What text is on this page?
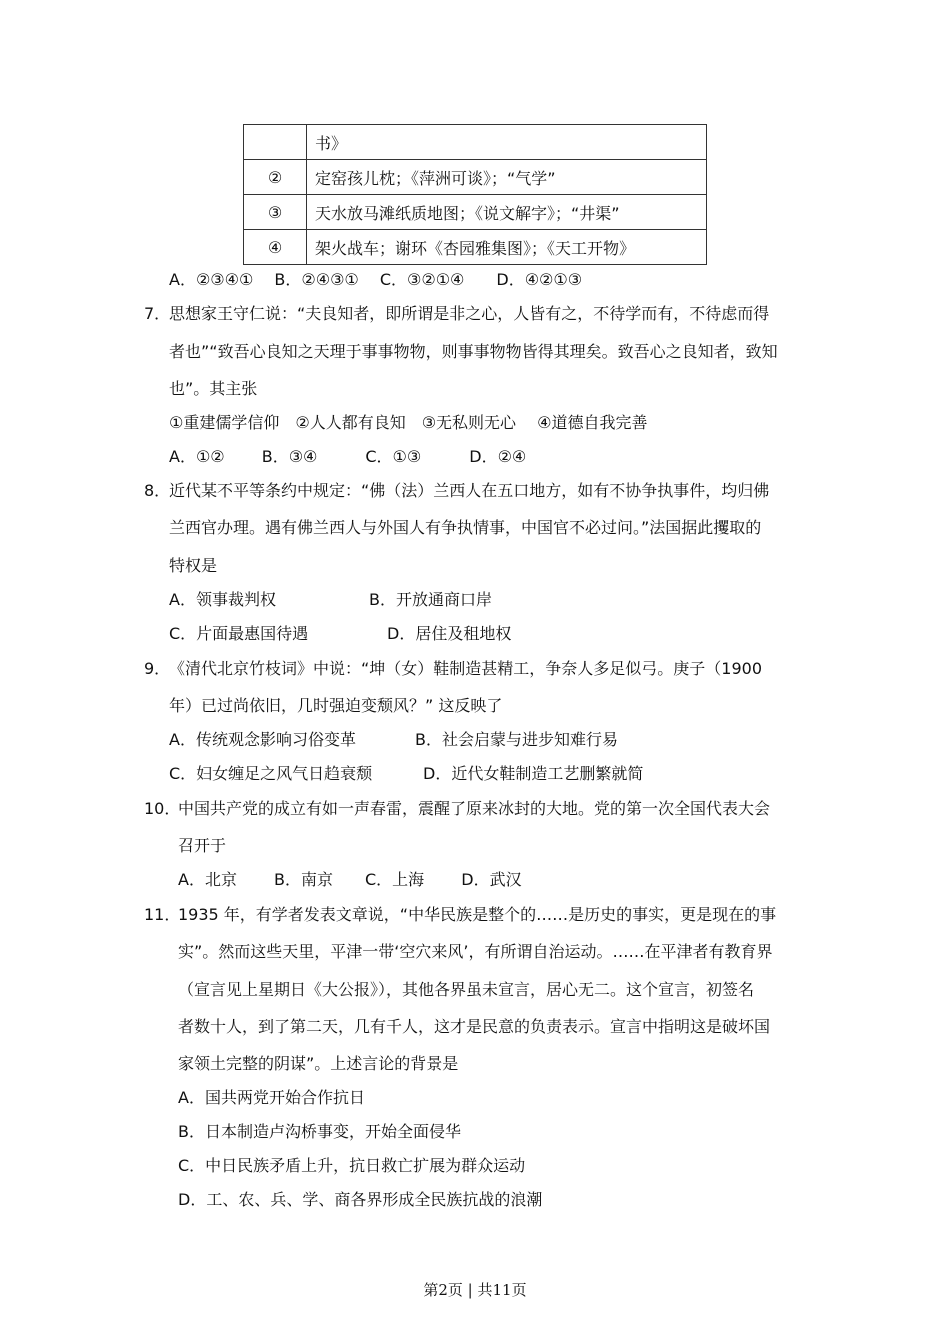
	书》
②	定窑孩儿枕；《萍洲可谈》；“气学”
③	天水放马滩纸质地图；《说文解字》；“井渠”
④	架火战车；谢环《杏园雅集图》；《天工开物》
A．②③④①　 B．②④③①　 C．③②①④　　D．④②①③
7．
思想家王守仁说：“夫良知者，即所谓是非之心，人皆有之，不待学而有，不待虑而得
者也”“致吾心良知之天理于事事物物，则事事物物皆得其理矣。致吾心之良知者，致知
也”。其主张
①重建儒学信仰　②人人都有良知　③无私则无心　 ④道德自我完善
A．①②　　 B．③④　　　C．①③　　　D．②④
8．
近代某不平等条约中规定：“佛（法）兰西人在五口地方，如有不协争执事件，均归佛
兰西官办理。遇有佛兰西人与外国人有争执情事，中国官不必过问。”法国据此攫取的
特权是
A．领事裁判权	B．开放通商口岸
C．片面最惠国待遇	D．居住及租地权
9．
《清代北京竹枝词》中说：“坤（女）鞋制造甚精工，争奈人多足似弓。庚子（1900
年）已过尚依旧，几时强迫变颓风？” 这反映了
A．传统观念影响习俗变革	B．社会启蒙与进步知难行易
C．妇女缠足之风气日趋衰颓	D．近代女鞋制造工艺删繁就简
10．
中国共产党的成立有如一声春雷，震醒了原来冰封的大地。党的第一次全国代表大会
召开于
A．北京　　 B．南京　　C．上海　　 D．武汉
11．
1935 年，有学者发表文章说，“中华民族是整个的……是历史的事实，更是现在的事
实”。然而这些天里，平津一带‘空穴来风’，有所谓自治运动。……在平津者有教育界
（宣言见上星期日《大公报》），其他各界虽未宣言，居心无二。这个宣言，初签名
者数十人，到了第二天，几有千人，这才是民意的负责表示。宣言中指明这是破坏国
家领土完整的阴谋”。上述言论的背景是
A．国共两党开始合作抗日
B．日本制造卢沟桥事变，开始全面侵华
C．中日民族矛盾上升，抗日救亡扩展为群众运动
D．工、农、兵、学、商各界形成全民族抗战的浪潮
第2页 | 共11页
